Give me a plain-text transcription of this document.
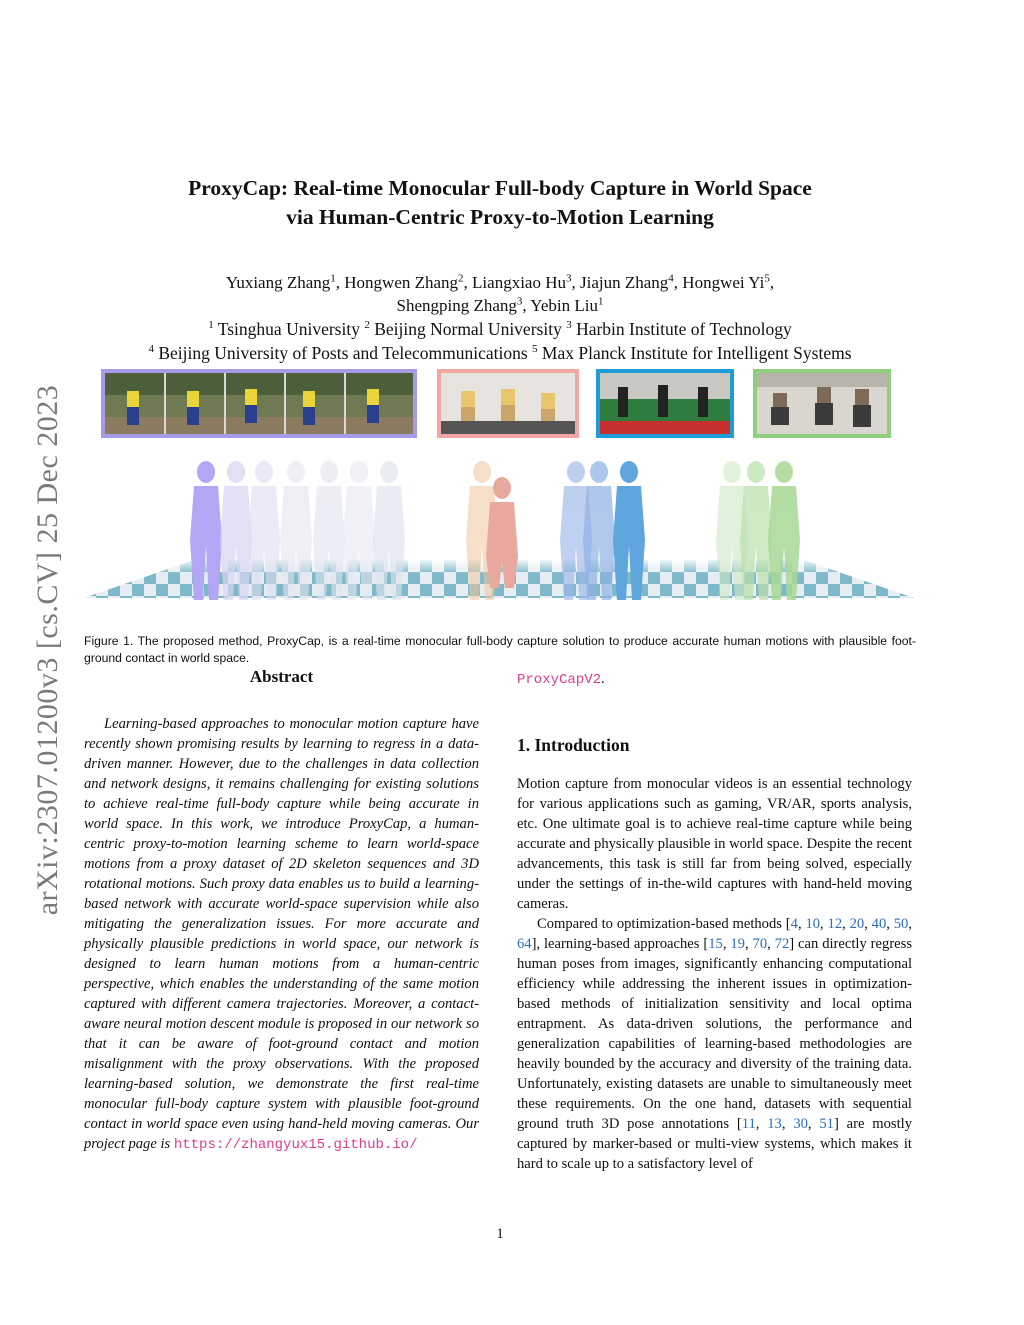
arXiv:2307.01200v3 [cs.CV] 25 Dec 2023
ProxyCap: Real-time Monocular Full-body Capture in World Space
via Human-Centric Proxy-to-Motion Learning
Yuxiang Zhang$^1$, Hongwen Zhang$^2$, Liangxiao Hu$^3$, Jiajun Zhang$^4$, Hongwei Yi$^5$,
Shengping Zhang$^3$, Yebin Liu$^1$
$^1$ Tsinghua University $^2$ Beijing Normal University $^3$ Harbin Institute of Technology
$^4$ Beijing University of Posts and Telecommunications $^5$ Max Planck Institute for Intelligent Systems
Figure 1. The proposed method, ProxyCap, is a real-time monocular full-body capture solution to produce accurate human motions with plausible foot-ground contact in world space.
Abstract

Learning-based approaches to monocular motion capture have recently shown promising results by learning to regress in a data-driven manner. However, due to the challenges in data collection and network designs, it remains challenging for existing solutions to achieve real-time full-body capture while being accurate in world space. In this work, we introduce ProxyCap, a human-centric proxy-to-motion learning scheme to learn world-space motions from a proxy dataset of 2D skeleton sequences and 3D rotational motions. Such proxy data enables us to build a learning-based network with accurate world-space supervision while also mitigating the generalization issues. For more accurate and physically plausible predictions in world space, our network is designed to learn human motions from a human-centric perspective, which enables the understanding of the same motion captured with different camera trajectories. Moreover, a contact-aware neural motion descent module is proposed in our network so that it can be aware of foot-ground contact and motion misalignment with the proxy observations. With the proposed learning-based solution, we demonstrate the first real-time monocular full-body capture system with plausible foot-ground contact in world space even using hand-held moving cameras. Our project page is https://zhangyux15.github.io/

ProxyCapV2.
1. Introduction

Motion capture from monocular videos is an essential technology for various applications such as gaming, VR/AR, sports analysis, etc. One ultimate goal is to achieve real-time capture while being accurate and physically plausible in world space. Despite the recent advancements, this task is still far from being solved, especially under the settings of in-the-wild captures with hand-held moving cameras.

Compared to optimization-based methods [4, 10, 12, 20, 40, 50, 64], learning-based approaches [15, 19, 70, 72] can directly regress human poses from images, significantly enhancing computational efficiency while addressing the inherent issues in optimization-based methods of initialization sensitivity and local optima entrapment. As data-driven solutions, the performance and generalization capabilities of learning-based methodologies are heavily bounded by the accuracy and diversity of the training data. Unfortunately, existing datasets are unable to simultaneously meet these requirements. On the one hand, datasets with sequential ground truth 3D pose annotations [11, 13, 30, 51] are mostly captured by marker-based or multi-view systems, which makes it hard to scale up to a satisfactory level of

1
